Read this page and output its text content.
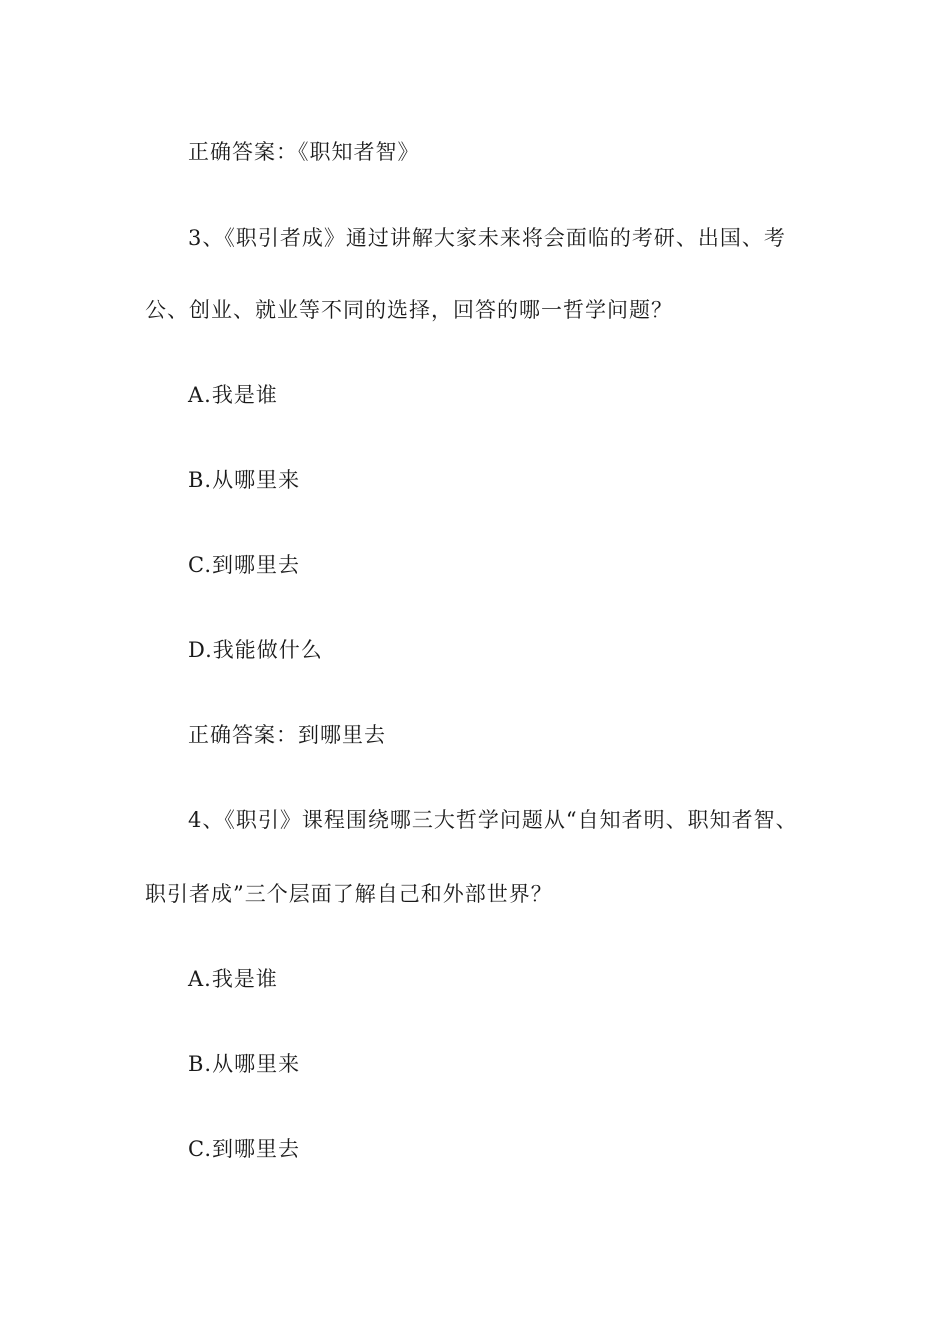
正确答案：《职知者智》
3、《职引者成》通过讲解大家未来将会面临的考研、出国、考
公、创业、就业等不同的选择，回答的哪一哲学问题？
A.我是谁
B.从哪里来
C.到哪里去
D.我能做什么
正确答案：到哪里去
4、《职引》课程围绕哪三大哲学问题从“自知者明、职知者智、
职引者成”三个层面了解自己和外部世界？
A.我是谁
B.从哪里来
C.到哪里去
